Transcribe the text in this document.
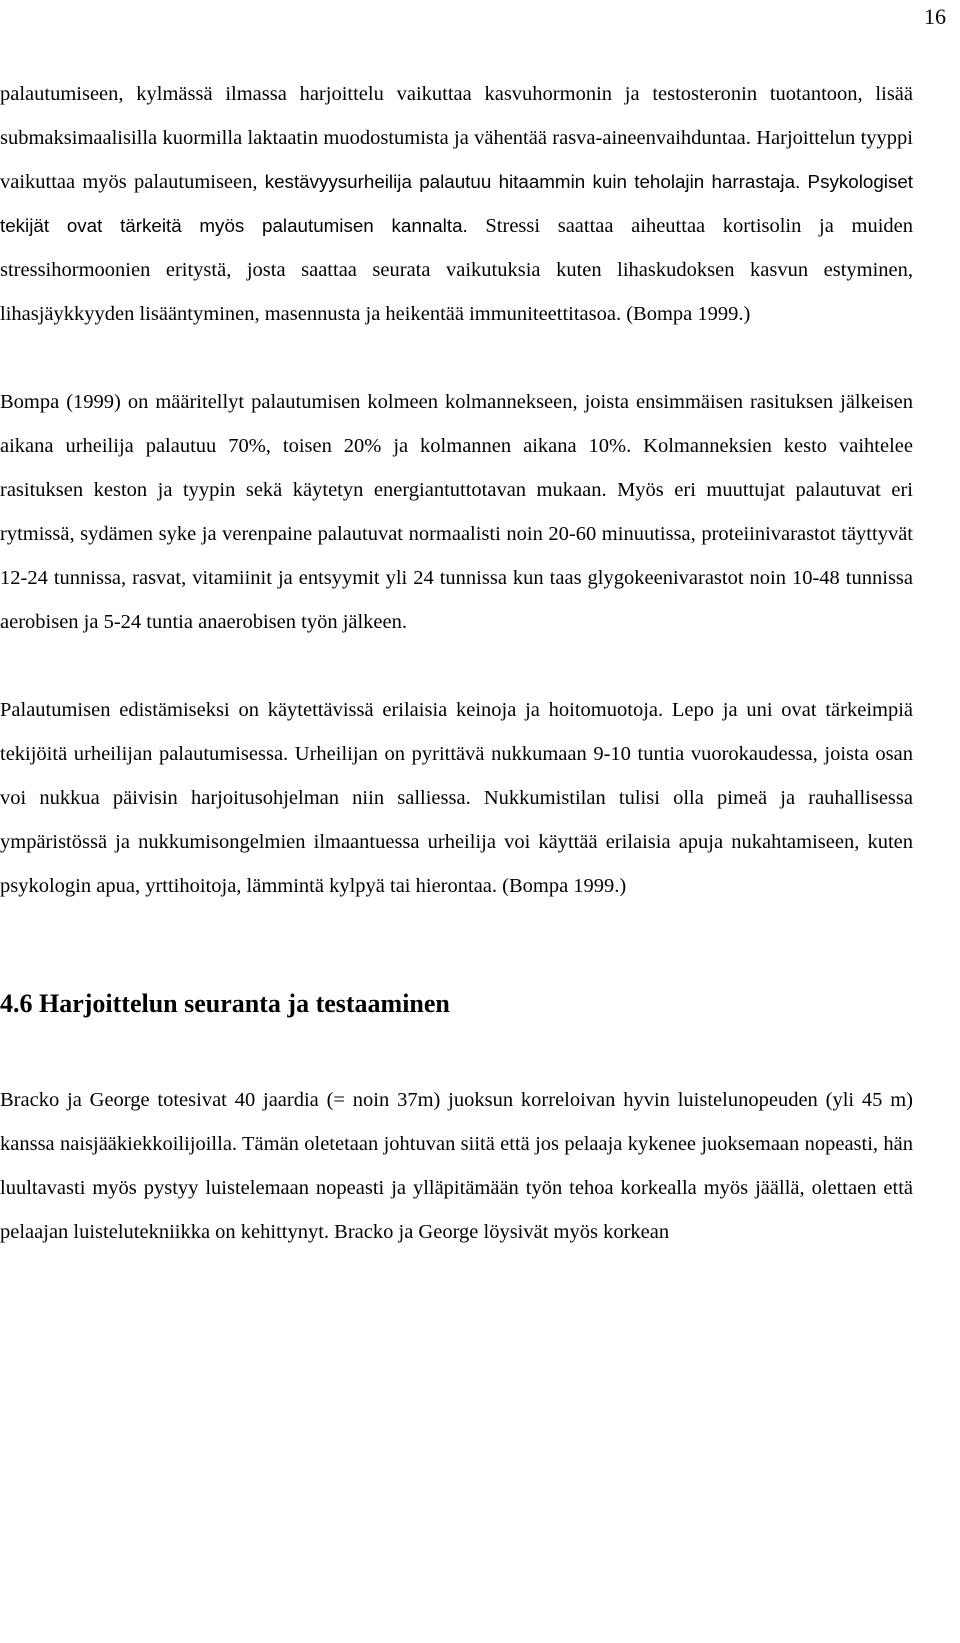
16

palautumiseen, kylmässä ilmassa harjoittelu vaikuttaa kasvuhormonin ja testosteronin tuotantoon, lisää submaksimaalisilla kuormilla laktaatin muodostumista ja vähentää rasva-aineenvaihduntaa. Harjoittelun tyyppi vaikuttaa myös palautumiseen, kestävyysurheilija palautuu hitaammin kuin teholajin harrastaja. Psykologiset tekijät ovat tärkeitä myös palautumisen kannalta. Stressi saattaa aiheuttaa kortisolin ja muiden stressihormoonien eritystä, josta saattaa seurata vaikutuksia kuten lihaskudoksen kasvun estyminen, lihasjäykkyyden lisääntyminen, masennusta ja heikentää immuniteettitasoa. (Bompa 1999.)

Bompa (1999) on määritellyt palautumisen kolmeen kolmannekseen, joista ensimmäisen rasituksen jälkeisen aikana urheilija palautuu 70%, toisen 20% ja kolmannen aikana 10%. Kolmanneksien kesto vaihtelee rasituksen keston ja tyypin sekä käytetyn energiantuttotavan mukaan. Myös eri muuttujat palautuvat eri rytmissä, sydämen syke ja verenpaine palautuvat normaalisti noin 20-60 minuutissa, proteiinivarastot täyttyvät 12-24 tunnissa, rasvat, vitamiinit ja entsyymit yli 24 tunnissa kun taas glygokeenivarastot noin 10-48 tunnissa aerobisen ja 5-24 tuntia anaerobisen työn jälkeen.

Palautumisen edistämiseksi on käytettävissä erilaisia keinoja ja hoitomuotoja. Lepo ja uni ovat tärkeimpiä tekijöitä urheilijan palautumisessa. Urheilijan on pyrittävä nukkumaan 9-10 tuntia vuorokaudessa, joista osan voi nukkua päivisin harjoitusohjelman niin salliessa. Nukkumistilan tulisi olla pimeä ja rauhallisessa ympäristössä ja nukkumisongelmien ilmaantuessa urheilija voi käyttää erilaisia apuja nukahtamiseen, kuten psykologin apua, yrttihoitoja, lämmintä kylpyä tai hierontaa. (Bompa 1999.)

4.6 Harjoittelun seuranta ja testaaminen

Bracko ja George totesivat 40 jaardia (= noin 37m) juoksun korreloivan hyvin luistelunopeuden (yli 45 m) kanssa naisjääkiekkoilijoilla. Tämän oletetaan johtuvan siitä että jos pelaaja kykenee juoksemaan nopeasti, hän luultavasti myös pystyy luistelemaan nopeasti ja ylläpitämään työn tehoa korkealla myös jäällä, olettaen että pelaajan luistelutekniikka on kehittynyt. Bracko ja George löysivät myös korkean
